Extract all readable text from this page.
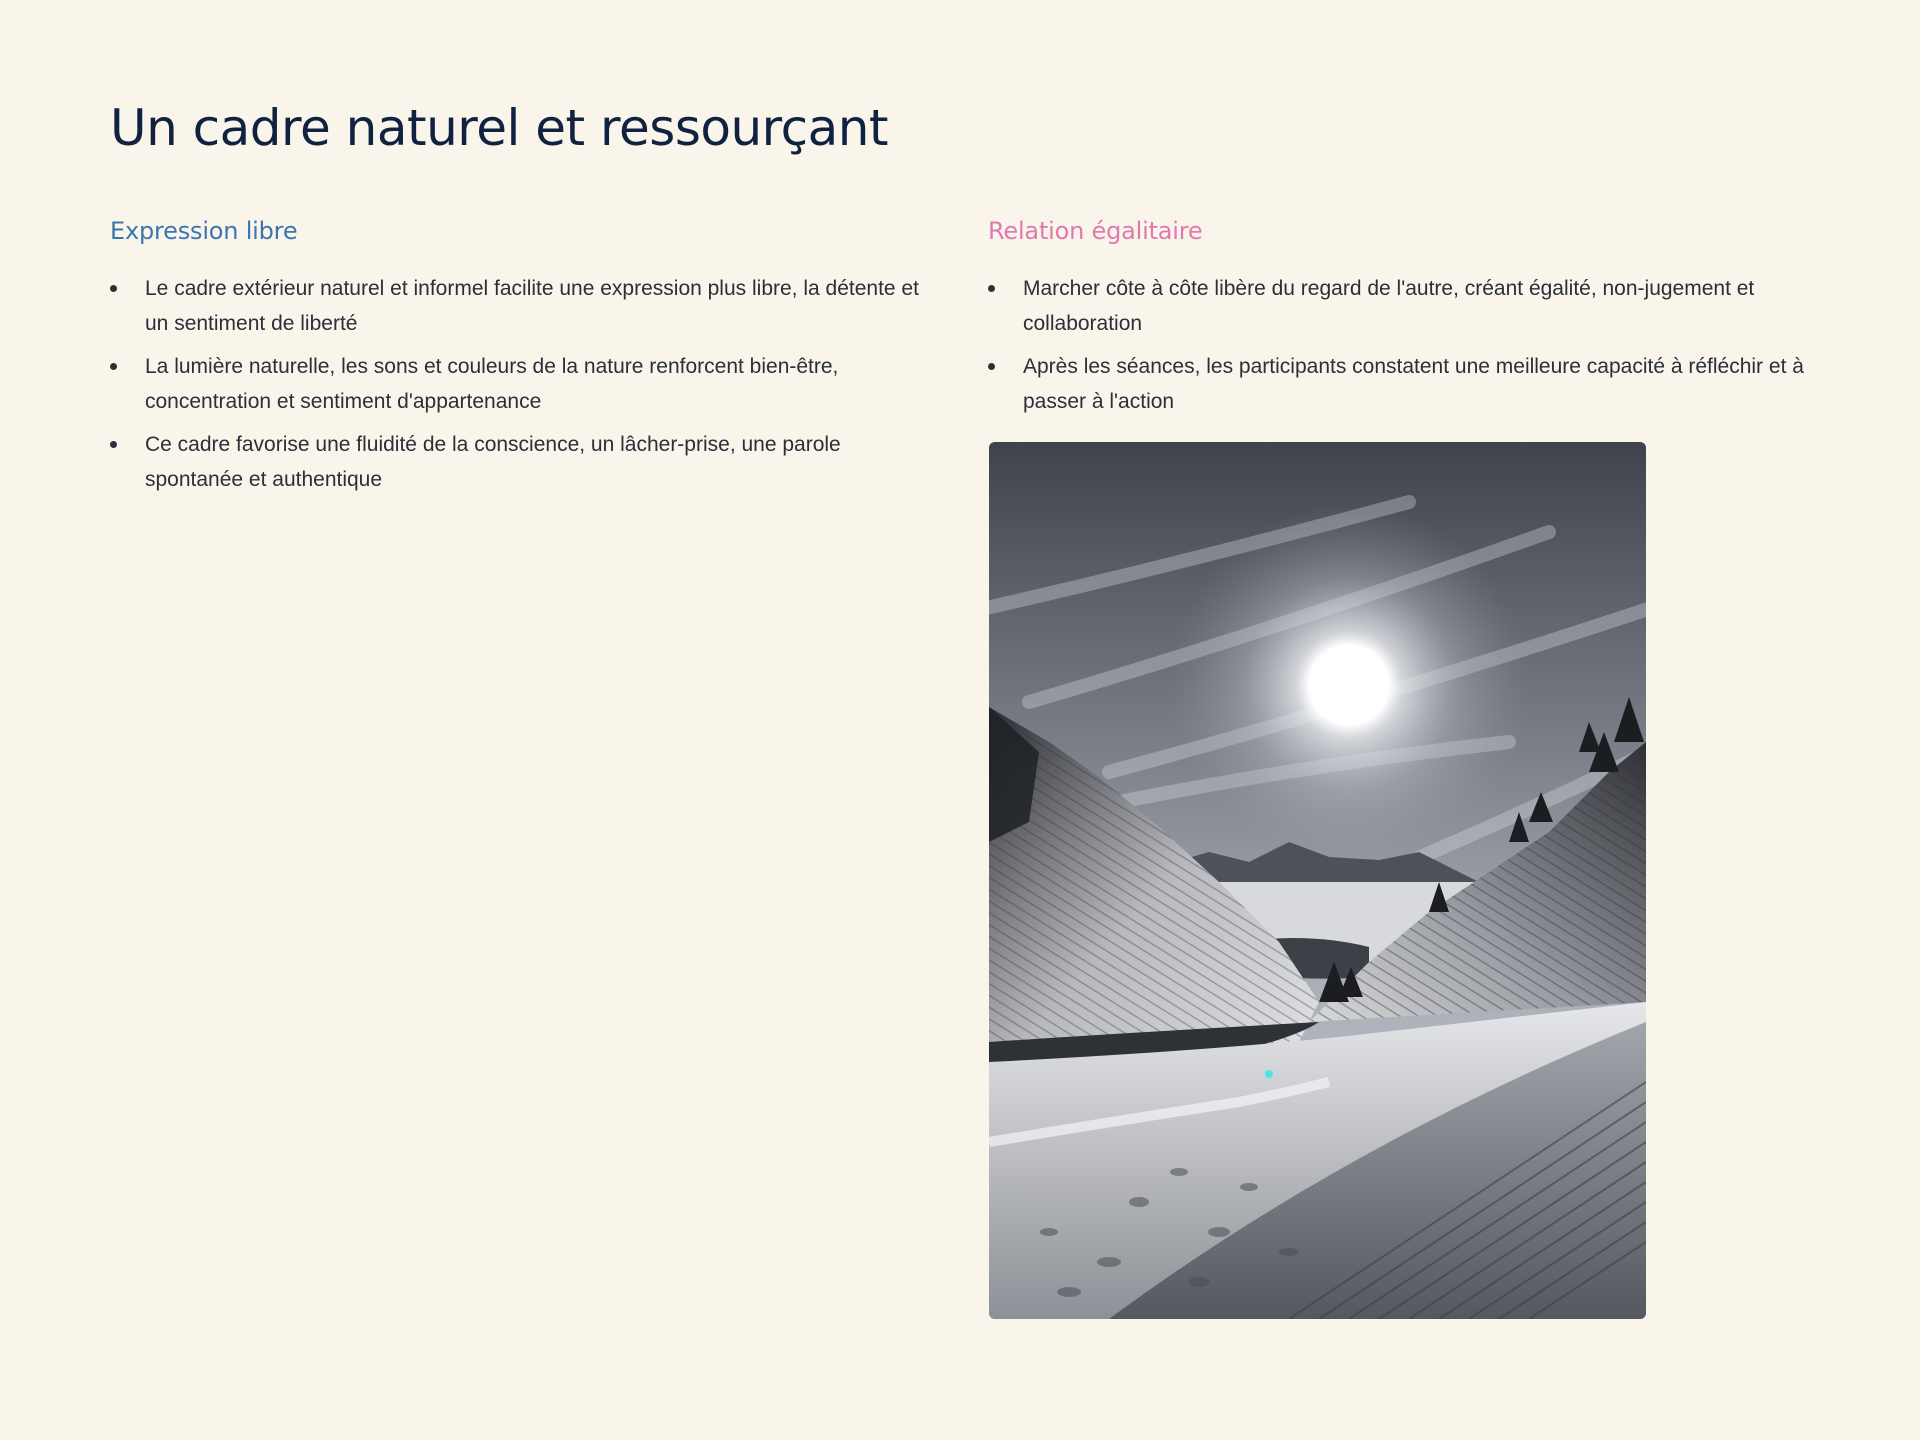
Un cadre naturel et ressourçant
Expression libre
Le cadre extérieur naturel et informel facilite une expression plus libre, la détente et un sentiment de liberté
La lumière naturelle, les sons et couleurs de la nature renforcent bien-être, concentration et sentiment d'appartenance
Ce cadre favorise une fluidité de la conscience, un lâcher-prise, une parole spontanée et authentique
Relation égalitaire
Marcher côte à côte libère du regard de l'autre, créant égalité, non-jugement et collaboration
Après les séances, les participants constatent une meilleure capacité à réfléchir et à passer à l'action
